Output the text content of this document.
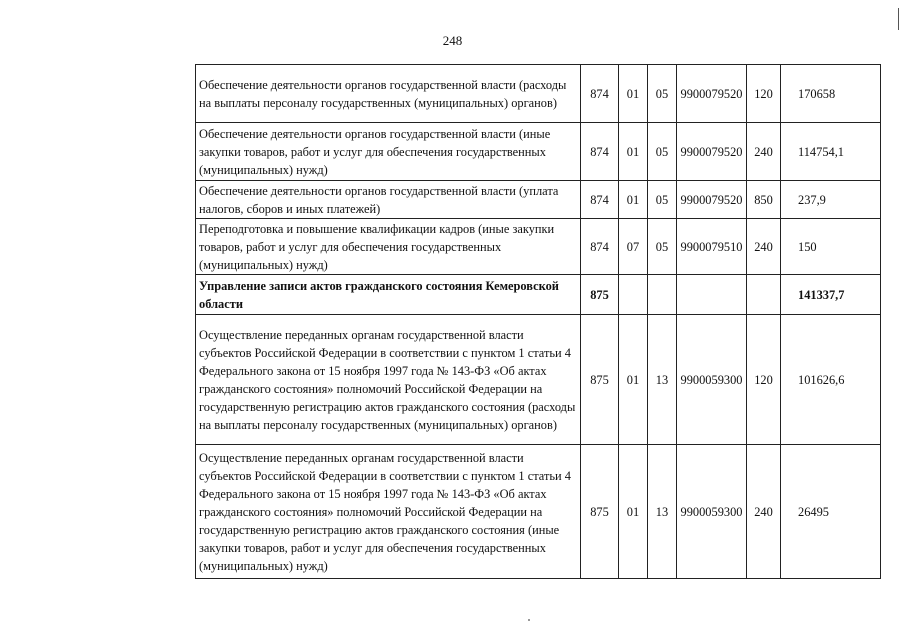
248
Обеспечение деятельности органов государственной власти (расходы на выплаты персоналу государственных (муниципальных) органов)	874	01	05	9900079520	120	170658
Обеспечение деятельности органов государственной власти (иные закупки товаров, работ и услуг для обеспечения государственных (муниципальных) нужд)	874	01	05	9900079520	240	114754,1
Обеспечение деятельности органов государственной власти (уплата налогов, сборов и иных платежей)	874	01	05	9900079520	850	237,9
Переподготовка и повышение квалификации кадров (иные закупки товаров, работ и услуг для обеспечения государственных (муниципальных) нужд)	874	07	05	9900079510	240	150
Управление записи актов гражданского состояния Кемеровской области	875					141337,7
Осуществление переданных органам государственной власти субъектов Российской Федерации в соответствии с пунктом 1 статьи 4 Федерального закона от 15 ноября 1997 года № 143-ФЗ «Об актах гражданского состояния» полномочий Российской Федерации на государственную регистрацию актов гражданского состояния (расходы на выплаты персоналу государственных (муниципальных) органов)	875	01	13	9900059300	120	101626,6
Осуществление переданных органам государственной власти субъектов Российской Федерации в соответствии с пунктом 1 статьи 4 Федерального закона от 15 ноября 1997 года № 143-ФЗ «Об актах гражданского состояния» полномочий Российской Федерации на государственную регистрацию актов гражданского состояния (иные закупки товаров, работ и услуг для обеспечения государственных (муниципальных) нужд)	875	01	13	9900059300	240	26495
